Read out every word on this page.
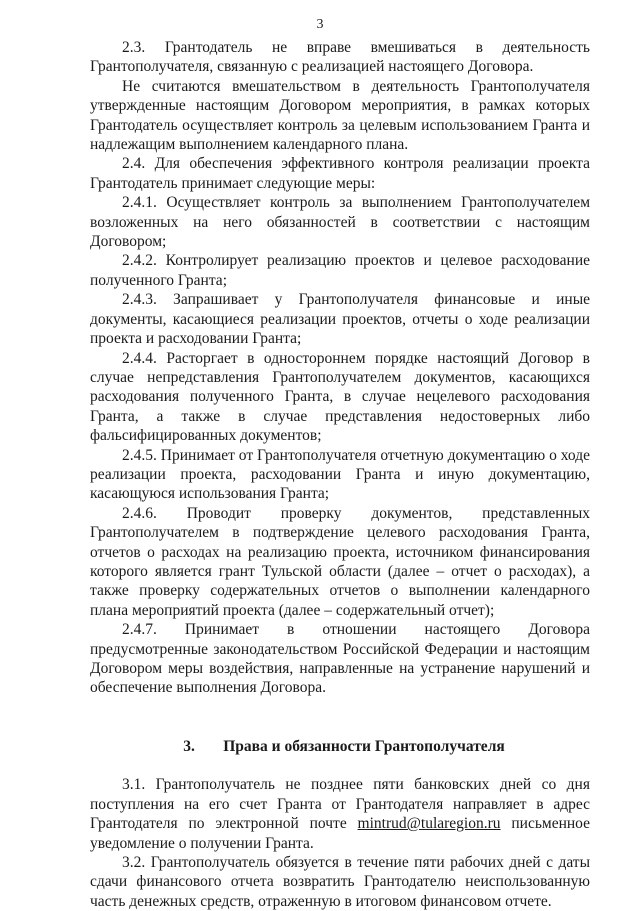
3

2.3. Грантодатель не вправе вмешиваться в деятельность Грантополучателя, связанную с реализацией настоящего Договора.

Не считаются вмешательством в деятельность Грантополучателя утвержденные настоящим Договором мероприятия, в рамках которых Грантодатель осуществляет контроль за целевым использованием Гранта и надлежащим выполнением календарного плана.

2.4. Для обеспечения эффективного контроля реализации проекта Грантодатель принимает следующие меры:

2.4.1. Осуществляет контроль за выполнением Грантополучателем возложенных на него обязанностей в соответствии с настоящим Договором;

2.4.2. Контролирует реализацию проектов и целевое расходование полученного Гранта;

2.4.3. Запрашивает у Грантополучателя финансовые и иные документы, касающиеся реализации проектов, отчеты о ходе реализации проекта и расходовании Гранта;

2.4.4. Расторгает в одностороннем порядке настоящий Договор в случае непредставления Грантополучателем документов, касающихся расходования полученного Гранта, в случае нецелевого расходования Гранта, а также в случае представления недостоверных либо фальсифицированных документов;

2.4.5. Принимает от Грантополучателя отчетную документацию о ходе реализации проекта, расходовании Гранта и иную документацию, касающуюся использования Гранта;

2.4.6. Проводит проверку документов, представленных Грантополучателем в подтверждение целевого расходования Гранта, отчетов о расходах на реализацию проекта, источником финансирования которого является грант Тульской области (далее – отчет о расходах), а также проверку содержательных отчетов о выполнении календарного плана мероприятий проекта (далее – содержательный отчет);

2.4.7. Принимает в отношении настоящего Договора предусмотренные законодательством Российской Федерации и настоящим Договором меры воздействия, направленные на устранение нарушений и обеспечение выполнения Договора.

3. Права и обязанности Грантополучателя

3.1. Грантополучатель не позднее пяти банковских дней со дня поступления на его счет Гранта от Грантодателя направляет в адрес Грантодателя по электронной почте mintrud@tularegion.ru письменное уведомление о получении Гранта.

3.2. Грантополучатель обязуется в течение пяти рабочих дней с даты сдачи финансового отчета возвратить Грантодателю неиспользованную часть денежных средств, отраженную в итоговом финансовом отчете.
